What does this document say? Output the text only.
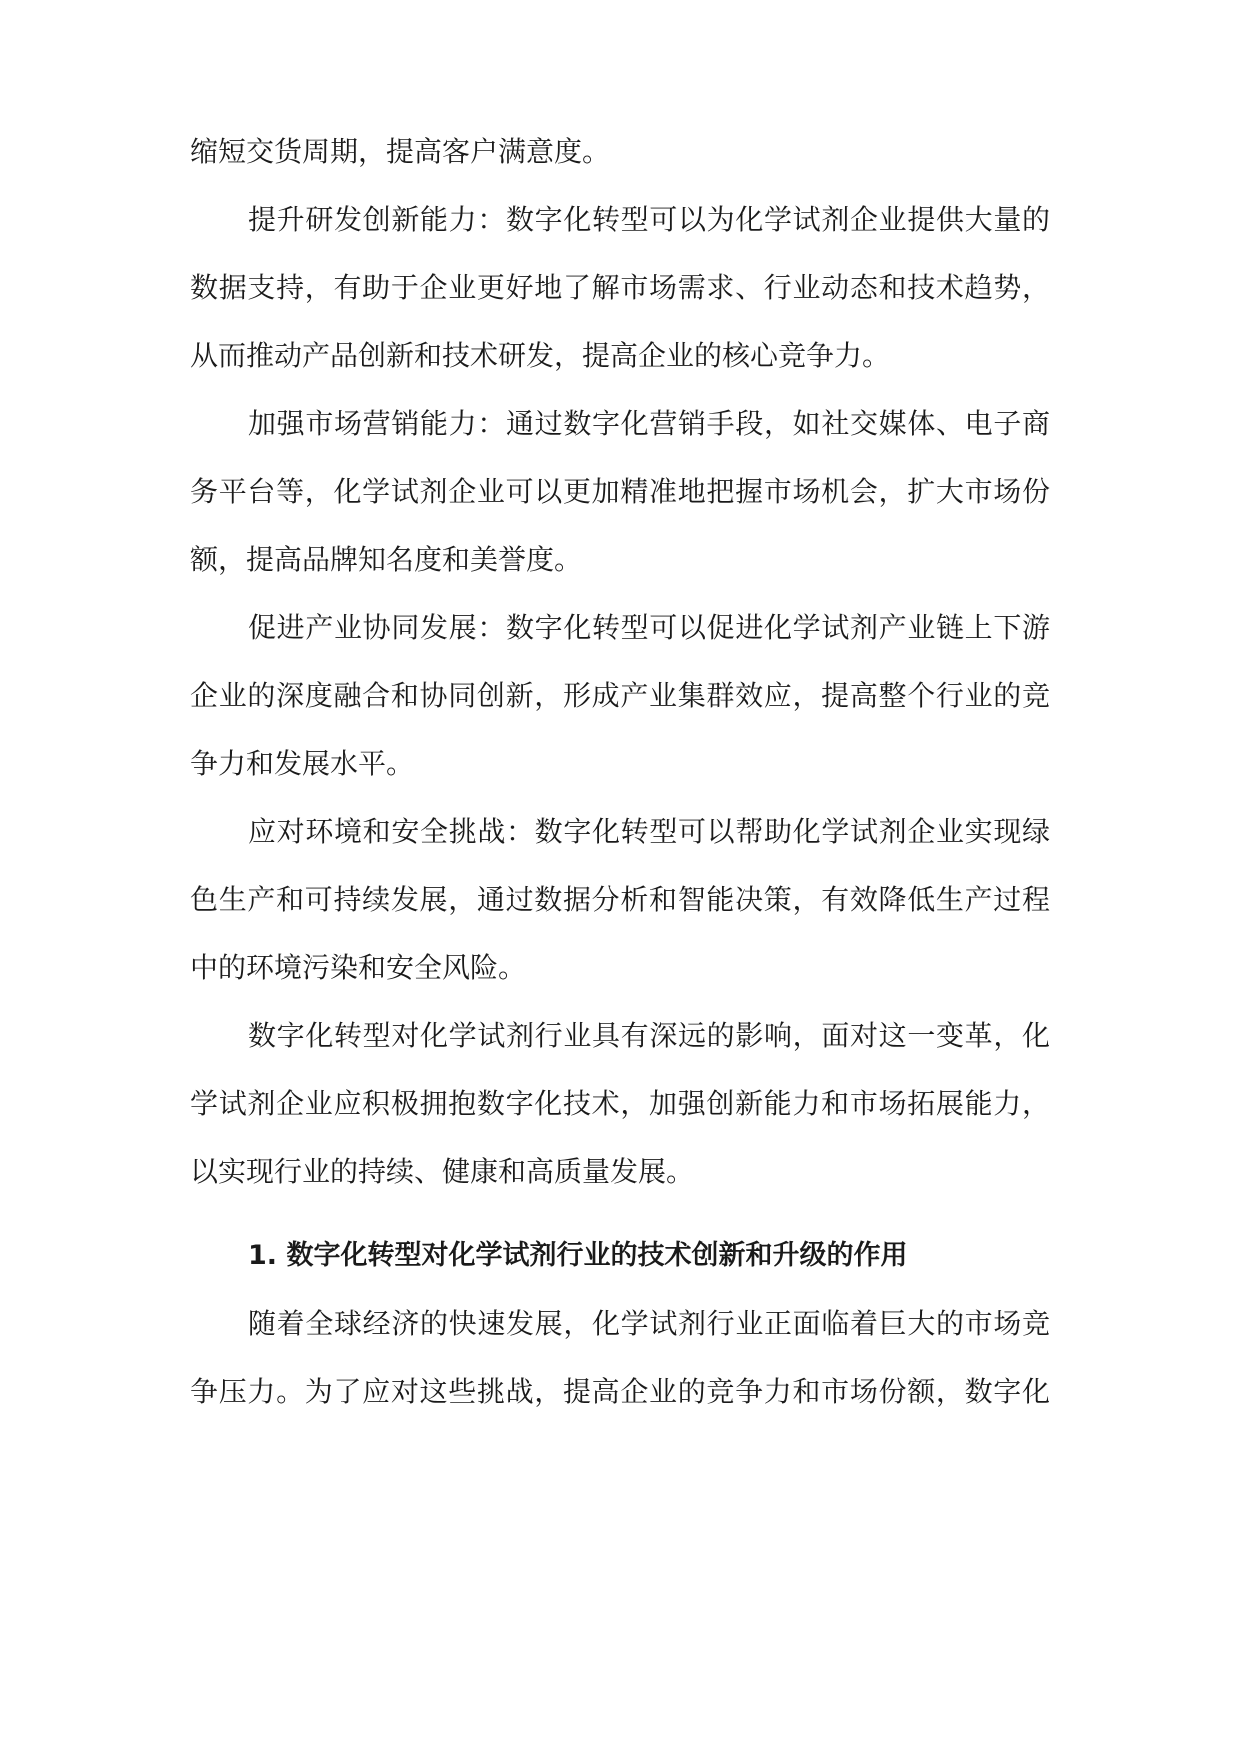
缩短交货周期，提高客户满意度。
提升研发创新能力：数字化转型可以为化学试剂企业提供大量的
数据支持，有助于企业更好地了解市场需求、行业动态和技术趋势，
从而推动产品创新和技术研发，提高企业的核心竞争力。
加强市场营销能力：通过数字化营销手段，如社交媒体、电子商
务平台等，化学试剂企业可以更加精准地把握市场机会，扩大市场份
额，提高品牌知名度和美誉度。
促进产业协同发展：数字化转型可以促进化学试剂产业链上下游
企业的深度融合和协同创新，形成产业集群效应，提高整个行业的竞
争力和发展水平。
应对环境和安全挑战：数字化转型可以帮助化学试剂企业实现绿
色生产和可持续发展，通过数据分析和智能决策，有效降低生产过程
中的环境污染和安全风险。
数字化转型对化学试剂行业具有深远的影响，面对这一变革，化
学试剂企业应积极拥抱数字化技术，加强创新能力和市场拓展能力，
以实现行业的持续、健康和高质量发展。
1. 数字化转型对化学试剂行业的技术创新和升级的作用
随着全球经济的快速发展，化学试剂行业正面临着巨大的市场竞
争压力。为了应对这些挑战，提高企业的竞争力和市场份额，数字化
